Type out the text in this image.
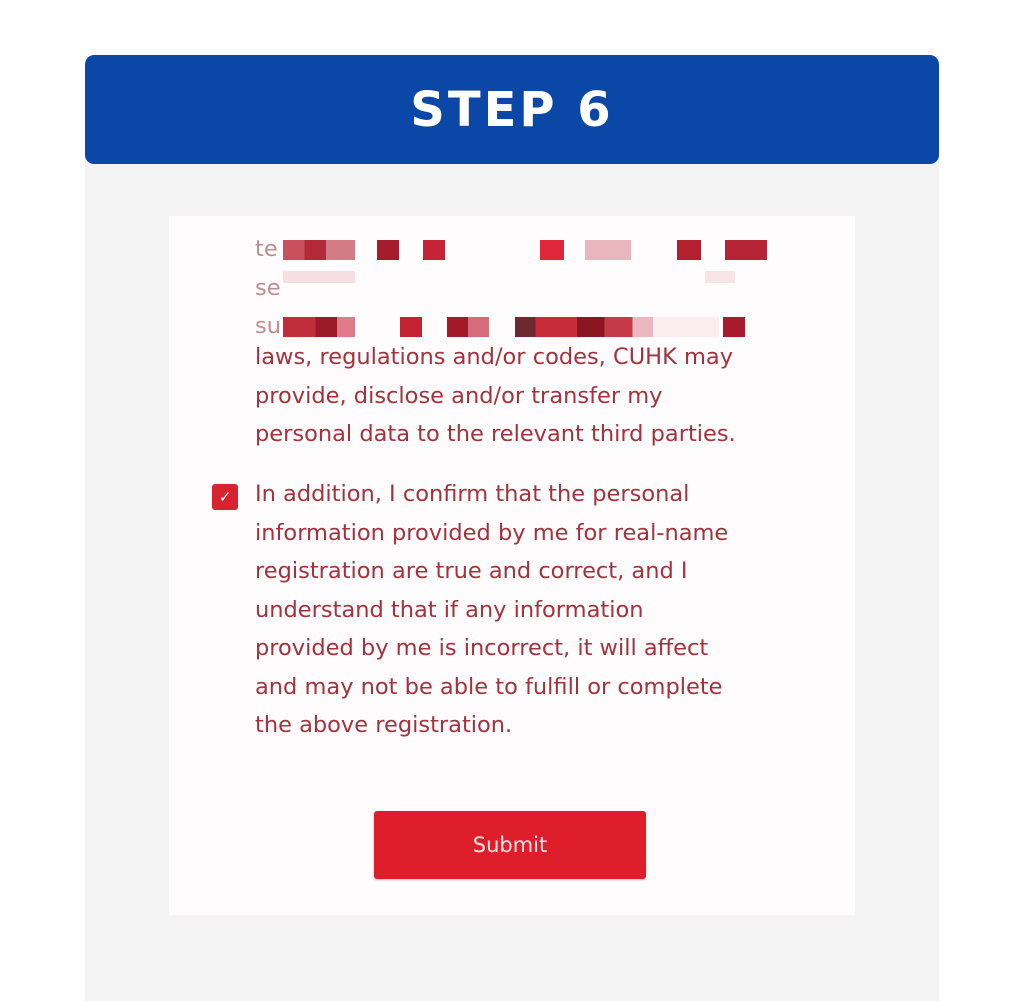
STEP 6
te
se
su
laws, regulations and/or codes, CUHK may
provide, disclose and/or transfer my
personal data to the relevant third parties.
✓ In addition, I confirm that the personal
information provided by me for real-name
registration are true and correct, and I
understand that if any information
provided by me is incorrect, it will affect
and may not be able to fulfill or complete
the above registration.
Submit
